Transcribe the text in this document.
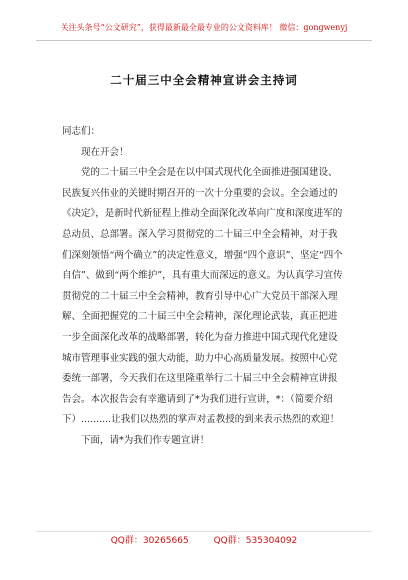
关注头条号“公文研究”，获得最新最全最专业的公文资料库！ 微信：gongwenyj
二十届三中全会精神宣讲会主持词

同志们：

现在开会！

党的二十届三中全会是在以中国式现代化全面推进强国建设、民族复兴伟业的关键时期召开的一次十分重要的会议。全会通过的《决定》，是新时代新征程上推动全面深化改革向广度和深度进军的总动员、总部署。深入学习贯彻党的二十届三中全会精神，对于我们深刻领悟“两个确立”的决定性意义，增强“四个意识”、坚定“四个自信”、做到“两个维护”，具有重大而深远的意义。为认真学习宣传贯彻党的二十届三中全会精神，教育引导中心广大党员干部深入理解、全面把握党的二十届三中全会精神，深化理论武装，真正把进一步全面深化改革的战略部署，转化为奋力推进中国式现代化建设城市管理事业实践的强大动能，助力中心高质量发展。按照中心党委统一部署，今天我们在这里隆重举行二十届三中全会精神宣讲报告会。本次报告会有幸邀请到了*为我们进行宣讲，*：（简要介绍下）..........让我们以热烈的掌声对孟教授的到来表示热烈的欢迎！

下面，请*为我们作专题宣讲！

QQ群：30265665	QQ群：535304092
